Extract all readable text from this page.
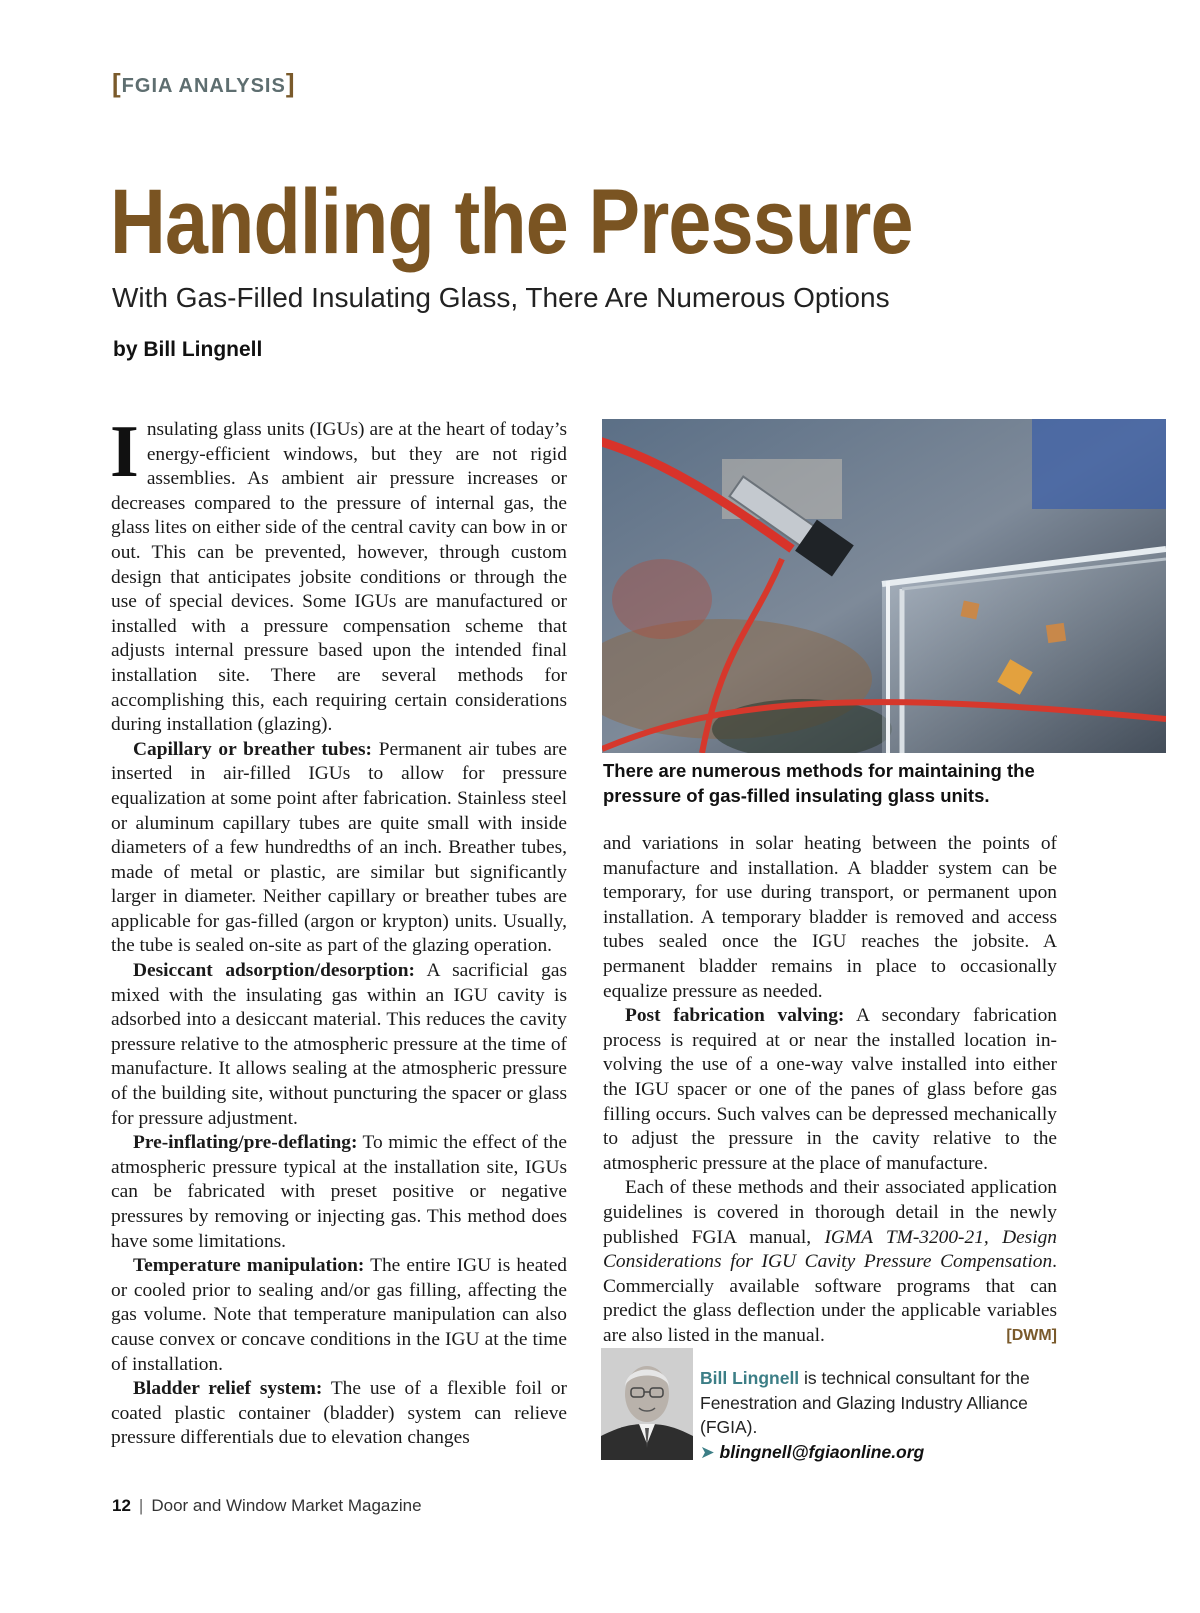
[FGIA ANALYSIS]
Handling the Pressure
With Gas-Filled Insulating Glass, There Are Numerous Options
by Bill Lingnell

Insulating glass units (IGUs) are at the heart of today’s energy-efficient windows, but they are not rigid assemblies. As ambient air pressure increases or decreases compared to the pressure of internal gas, the glass lites on either side of the central cavity can bow in or out. This can be prevented, however, through custom design that anticipates jobsite conditions or through the use of special devices. Some IGUs are manufactured or installed with a pressure compensation scheme that adjusts internal pressure based upon the intended final installation site. There are several methods for accomplishing this, each requiring certain considerations during installation (glazing).

Capillary or breather tubes: Permanent air tubes are inserted in air-filled IGUs to allow for pressure equalization at some point after fabrication. Stainless steel or aluminum capillary tubes are quite small with inside diameters of a few hundredths of an inch. Breather tubes, made of metal or plastic, are similar but significantly larger in diameter. Neither capillary or breather tubes are applicable for gas-filled (argon or krypton) units. Usually, the tube is sealed on-site as part of the glazing operation.

Desiccant adsorption/desorption: A sacrificial gas mixed with the insulating gas within an IGU cavity is adsorbed into a desiccant material. This reduces the cavity pressure relative to the atmospheric pressure at the time of manufacture. It allows sealing at the atmospheric pressure of the building site, without puncturing the spacer or glass for pressure adjustment.

Pre-inflating/pre-deflating: To mimic the effect of the atmospheric pressure typical at the installation site, IGUs can be fabricated with preset positive or negative pressures by removing or injecting gas. This method does have some limitations.

Temperature manipulation: The entire IGU is heated or cooled prior to sealing and/or gas filling, affecting the gas volume. Note that temperature manipulation can also cause convex or concave conditions in the IGU at the time of installation.

Bladder relief system: The use of a flexible foil or coated plastic container (bladder) system can relieve pressure differentials due to elevation changes

There are numerous methods for maintaining the pressure of gas-filled insulating glass units.

and variations in solar heating between the points of manufacture and installation. A bladder system can be temporary, for use during transport, or permanent upon installation. A temporary bladder is removed and access tubes sealed once the IGU reaches the jobsite. A permanent bladder remains in place to occasionally equalize pressure as needed.

Post fabrication valving: A secondary fabrication process is required at or near the installed location involving the use of a one-way valve installed into either the IGU spacer or one of the panes of glass before gas filling occurs. Such valves can be depressed mechanically to adjust the pressure in the cavity relative to the atmospheric pressure at the place of manufacture.

Each of these methods and their associated application guidelines is covered in thorough detail in the newly published FGIA manual, IGMA TM-3200-21, Design Considerations for IGU Cavity Pressure Compensation. Commercially available software programs that can predict the glass deflection under the applicable variables are also listed in the manual.	[DWM]

Bill Lingnell is technical consultant for the Fenestration and Glazing Industry Alliance (FGIA).
➤ blingnell@fgiaonline.org
12 | Door and Window Market Magazine
